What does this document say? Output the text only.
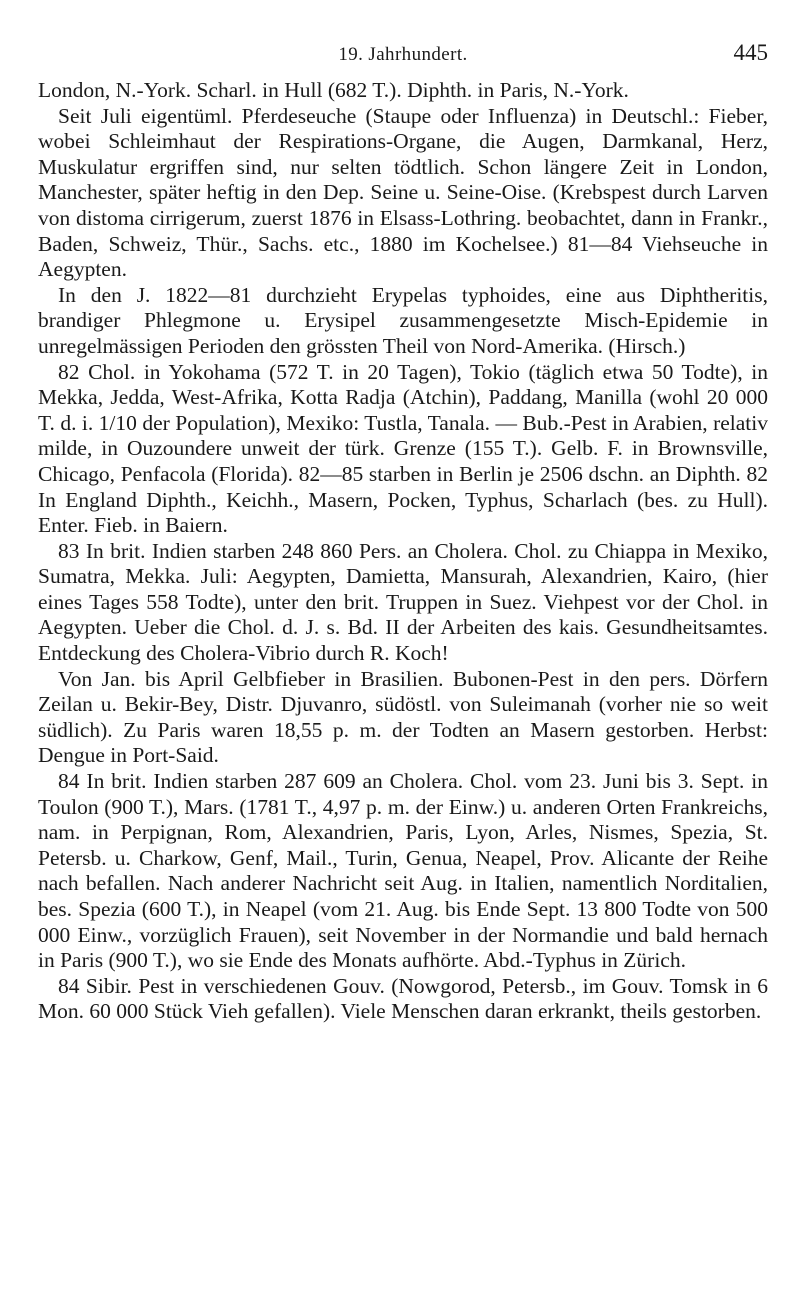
19. Jahrhundert.	445

London, N.-York. Scharl. in Hull (682 T.). Diphth. in Paris, N.-York.

Seit Juli eigentüml. Pferdeseuche (Staupe oder Influenza) in Deutschl.: Fieber, wobei Schleimhaut der Respirations-Organe, die Augen, Darmkanal, Herz, Muskulatur ergriffen sind, nur selten tödtlich. Schon längere Zeit in London, Manchester, später heftig in den Dep. Seine u. Seine-Oise. (Krebspest durch Larven von distoma cirrigerum, zuerst 1876 in Elsass-Lothring. beobachtet, dann in Frankr., Baden, Schweiz, Thür., Sachs. etc., 1880 im Kochelsee.) 81—84 Viehseuche in Aegypten.

In den J. 1822—81 durchzieht Erypelas typhoides, eine aus Diphtheritis, brandiger Phlegmone u. Erysipel zusammengesetzte Misch-Epidemie in unregelmässigen Perioden den grössten Theil von Nord-Amerika. (Hirsch.)

82 Chol. in Yokohama (572 T. in 20 Tagen), Tokio (täglich etwa 50 Todte), in Mekka, Jedda, West-Afrika, Kotta Radja (Atchin), Paddang, Manilla (wohl 20 000 T. d. i. 1/10 der Population), Mexiko: Tustla, Tanala. — Bub.-Pest in Arabien, relativ milde, in Ouzoundere unweit der türk. Grenze (155 T.). Gelb. F. in Brownsville, Chicago, Penfacola (Florida). 82—85 starben in Berlin je 2506 dschn. an Diphth. 82 In England Diphth., Keichh., Masern, Pocken, Typhus, Scharlach (bes. zu Hull). Enter. Fieb. in Baiern.

83 In brit. Indien starben 248 860 Pers. an Cholera. Chol. zu Chiappa in Mexiko, Sumatra, Mekka. Juli: Aegypten, Damietta, Mansurah, Alexandrien, Kairo, (hier eines Tages 558 Todte), unter den brit. Truppen in Suez. Viehpest vor der Chol. in Aegypten. Ueber die Chol. d. J. s. Bd. II der Arbeiten des kais. Gesundheitsamtes. Entdeckung des Cholera-Vibrio durch R. Koch!

Von Jan. bis April Gelbfieber in Brasilien. Bubonen-Pest in den pers. Dörfern Zeilan u. Bekir-Bey, Distr. Djuvanro, südöstl. von Suleimanah (vorher nie so weit südlich). Zu Paris waren 18,55 p. m. der Todten an Masern gestorben. Herbst: Dengue in Port-Said.

84 In brit. Indien starben 287 609 an Cholera. Chol. vom 23. Juni bis 3. Sept. in Toulon (900 T.), Mars. (1781 T., 4,97 p. m. der Einw.) u. anderen Orten Frankreichs, nam. in Perpignan, Rom, Alexandrien, Paris, Lyon, Arles, Nismes, Spezia, St. Petersb. u. Charkow, Genf, Mail., Turin, Genua, Neapel, Prov. Alicante der Reihe nach befallen. Nach anderer Nachricht seit Aug. in Italien, namentlich Norditalien, bes. Spezia (600 T.), in Neapel (vom 21. Aug. bis Ende Sept. 13 800 Todte von 500 000 Einw., vorzüglich Frauen), seit November in der Normandie und bald hernach in Paris (900 T.), wo sie Ende des Monats aufhörte. Abd.-Typhus in Zürich.

84 Sibir. Pest in verschiedenen Gouv. (Nowgorod, Petersb., im Gouv. Tomsk in 6 Mon. 60 000 Stück Vieh gefallen). Viele Menschen daran erkrankt, theils gestorben.
